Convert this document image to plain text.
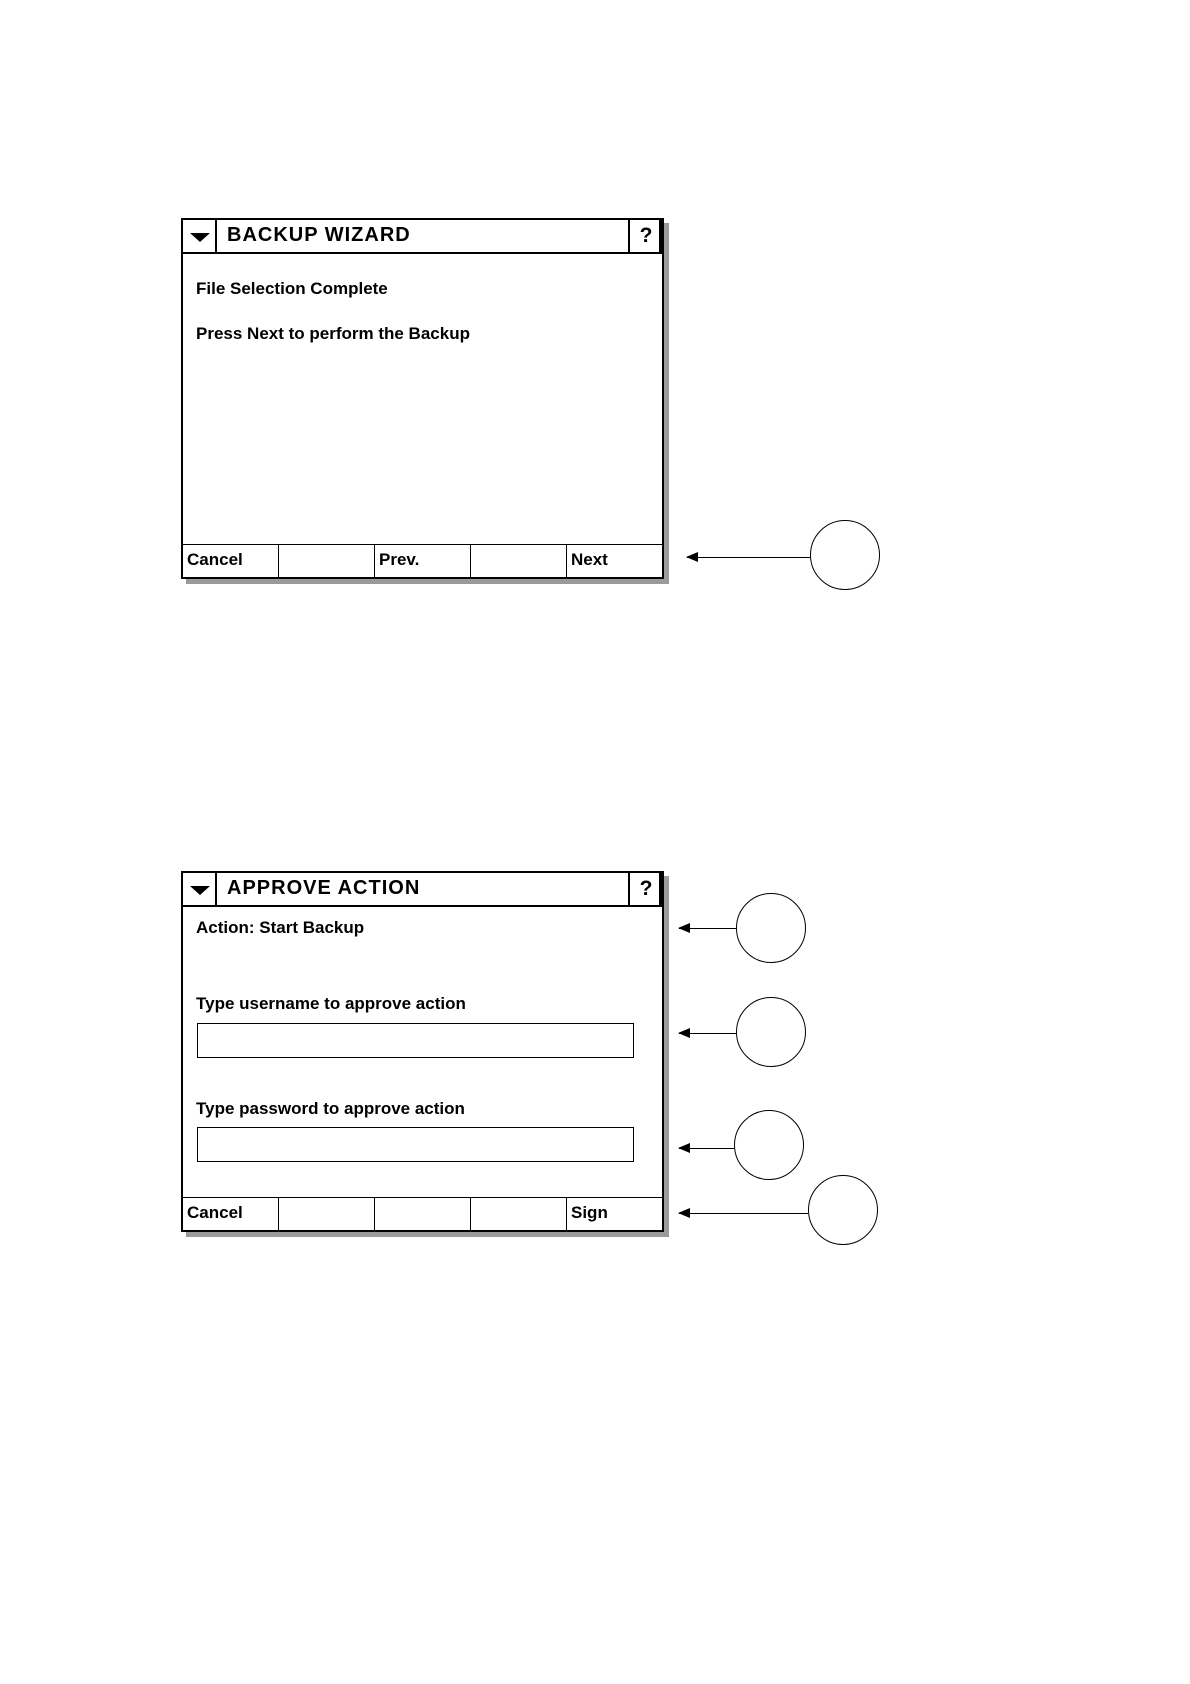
BACKUP WIZARD	?
File Selection Complete
Press Next to perform the Backup
Cancel	Prev.	Next
APPROVE ACTION	?
Action: Start Backup
Type username to approve action
Type password to approve action
Cancel	Sign
